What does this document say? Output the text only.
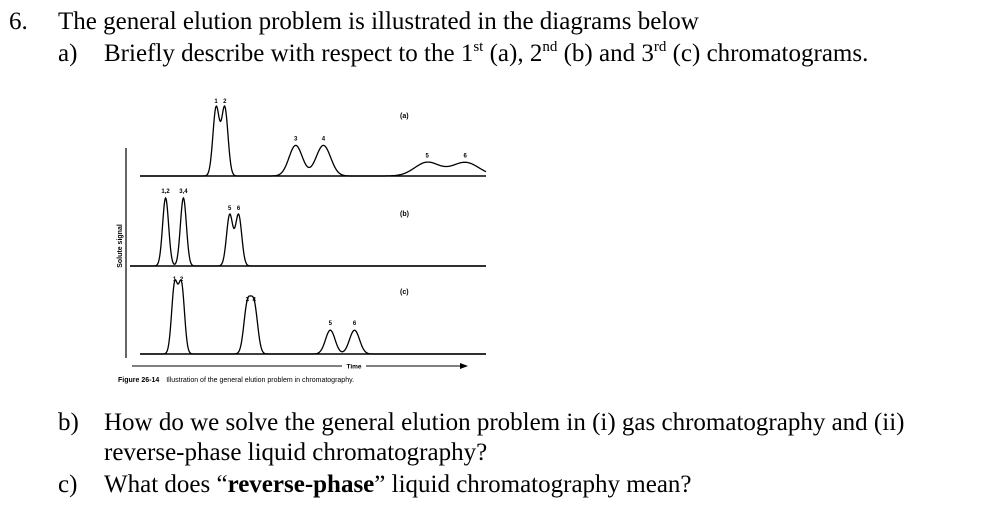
6. The general elution problem is illustrated in the diagrams below
a) Briefly describe with respect to the 1st (a), 2nd (b) and 3rd (c) chromatograms.
Solute signal
(a)
(b)
(c)
1 2
3	4
5	6
1,2 3,4
5 6
1 2
3 4
5	6
Time
Figure 26-14 Illustration of the general elution problem in chromatography.
b) How do we solve the general elution problem in (i) gas chromatography and (ii)
reverse-phase liquid chromatography?
c) What does “reverse-phase” liquid chromatography mean?
